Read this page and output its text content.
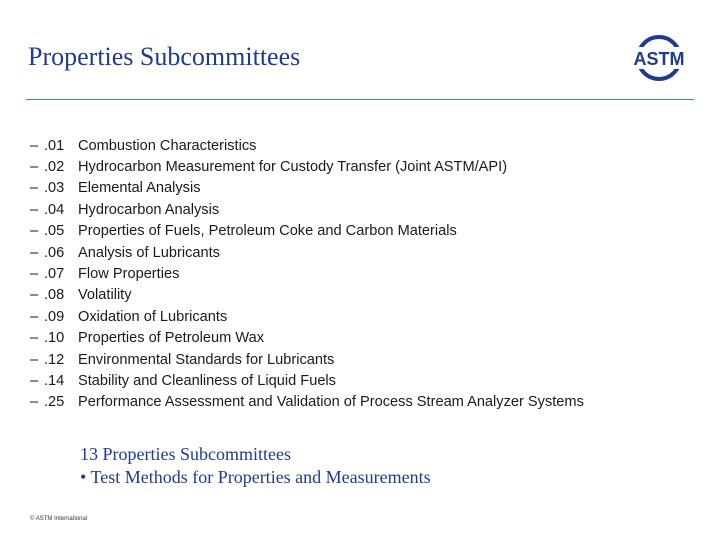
Properties Subcommittees	ASTM
– .01 Combustion Characteristics
– .02 Hydrocarbon Measurement for Custody Transfer (Joint ASTM/API)
– .03 Elemental Analysis
– .04 Hydrocarbon Analysis
– .05 Properties of Fuels, Petroleum Coke and Carbon Materials
– .06 Analysis of Lubricants
– .07 Flow Properties
– .08 Volatility
– .09 Oxidation of Lubricants
– .10 Properties of Petroleum Wax
– .12 Environmental Standards for Lubricants
– .14 Stability and Cleanliness of Liquid Fuels
– .25 Performance Assessment and Validation of Process Stream Analyzer Systems
13 Properties Subcommittees
• Test Methods for Properties and Measurements
© ASTM International
